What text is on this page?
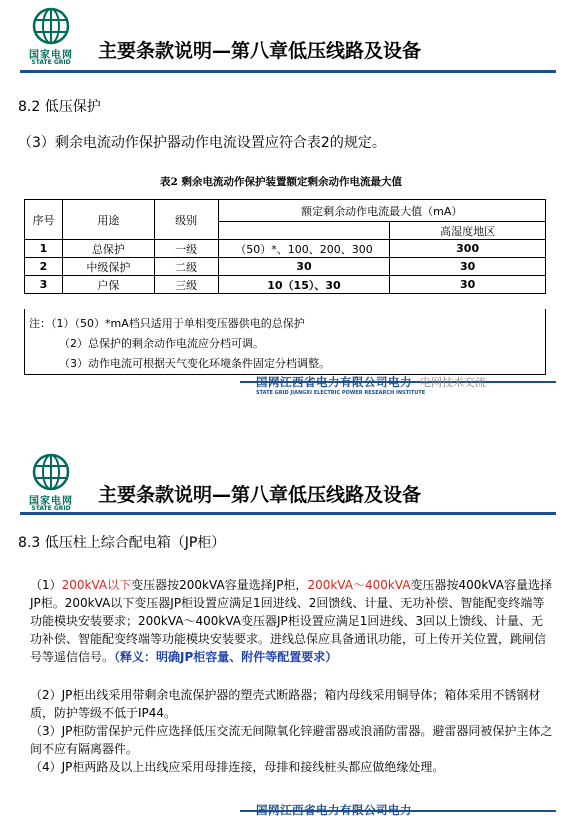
国家电网
STATE GRID
主要条款说明—第八章低压线路及设备
8.2 低压保护
（3）剩余电流动作保护器动作电流设置应符合表2的规定。
表2 剩余电流动作保护装置额定剩余动作电流最大值
序号	用途	级别	额定剩余动作电流最大值（mA）	
				高湿度地区
1	总保护	一级	（50）*、100、200、300	300
2	中级保护	二级	30	30
3	户保	三级	10（15）、30	30
注：（1）（50）*mA档只适用于单相变压器供电的总保护
（2）总保护的剩余动作电流应分档可调。
（3）动作电流可根据天气变化环境条件固定分档调整。
国网江西省电力有限公司电力
STATE GRID JIANGXI ELECTRIC POWER RESEARCH INSTITUTE
电网技术交流
国家电网
STATE GRID
主要条款说明—第八章低压线路及设备
8.3 低压柱上综合配电箱（JP柜）
（1）200kVA以下变压器按200kVA容量选择JP柜，200kVA～400kVA变压器按400kVA容量选择JP柜。200kVA以下变压器JP柜设置应满足1回进线、2回馈线、计量、无功补偿、智能配变终端等功能模块安装要求；200kVA～400kVA变压器JP柜设置应满足1回进线、3回以上馈线、计量、无功补偿、智能配变终端等功能模块安装要求。进线总保应具备通讯功能，可上传开关位置，跳闸信号等遥信信号。（释义：明确JP柜容量、附件等配置要求）
（2）JP柜出线采用带剩余电流保护器的塑壳式断路器；箱内母线采用铜导体；箱体采用不锈钢材质，防护等级不低于IP44。
（3）JP柜防雷保护元件应选择低压交流无间隙氧化锌避雷器或浪涌防雷器。避雷器同被保护主体之间不应有隔离器件。
（4）JP柜两路及以上出线应采用母排连接，母排和接线桩头都应做绝缘处理。
国网江西省电力有限公司电力
